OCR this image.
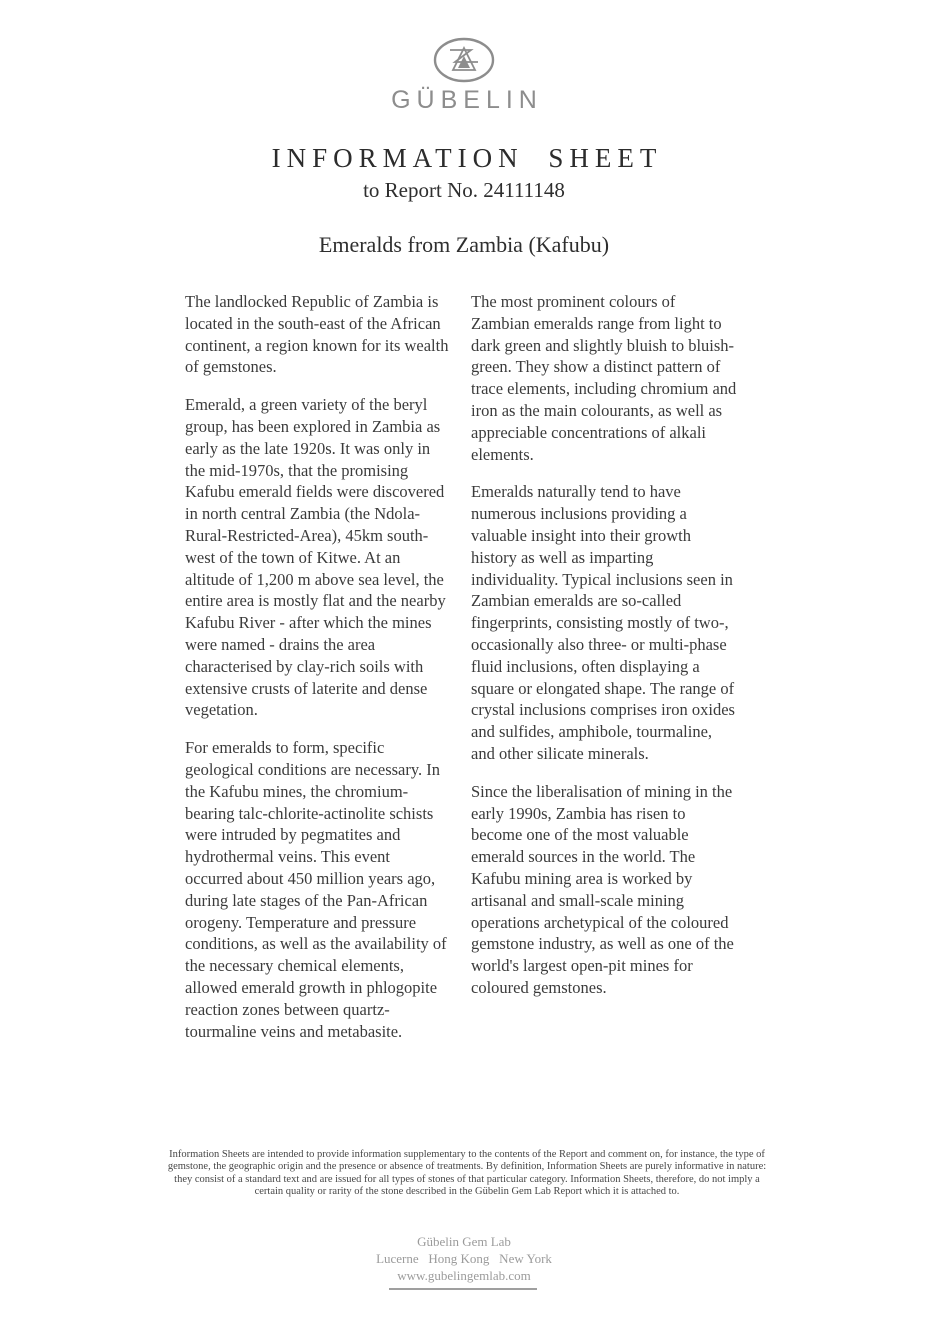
GÜBELIN
INFORMATION SHEET
to Report No. 24111148
Emeralds from Zambia (Kafubu)

The landlocked Republic of Zambia is located in the south-east of the African continent, a region known for its wealth of gemstones.

Emerald, a green variety of the beryl group, has been explored in Zambia as early as the late 1920s. It was only in the mid-1970s, that the promising Kafubu emerald fields were discovered in north central Zambia (the Ndola-Rural-Restricted-Area), 45km south-west of the town of Kitwe. At an altitude of 1,200 m above sea level, the entire area is mostly flat and the nearby Kafubu River - after which the mines were named - drains the area characterised by clay-rich soils with extensive crusts of laterite and dense vegetation.

For emeralds to form, specific geological conditions are necessary. In the Kafubu mines, the chromium-bearing talc-chlorite-actinolite schists were intruded by pegmatites and hydrothermal veins. This event occurred about 450 million years ago, during late stages of the Pan-African orogeny. Temperature and pressure conditions, as well as the availability of the necessary chemical elements, allowed emerald growth in phlogopite reaction zones between quartz-tourmaline veins and metabasite.

The most prominent colours of Zambian emeralds range from light to dark green and slightly bluish to bluish-green. They show a distinct pattern of trace elements, including chromium and iron as the main colourants, as well as appreciable concentrations of alkali elements.

Emeralds naturally tend to have numerous inclusions providing a valuable insight into their growth history as well as imparting individuality. Typical inclusions seen in Zambian emeralds are so-called fingerprints, consisting mostly of two-, occasionally also three- or multi-phase fluid inclusions, often displaying a square or elongated shape. The range of crystal inclusions comprises iron oxides and sulfides, amphibole, tourmaline, and other silicate minerals.

Since the liberalisation of mining in the early 1990s, Zambia has risen to become one of the most valuable emerald sources in the world. The Kafubu mining area is worked by artisanal and small-scale mining operations archetypical of the coloured gemstone industry, as well as one of the world's largest open-pit mines for coloured gemstones.

Information Sheets are intended to provide information supplementary to the contents of the Report and comment on, for instance, the type of gemstone, the geographic origin and the presence or absence of treatments. By definition, Information Sheets are purely informative in nature: they consist of a standard text and are issued for all types of stones of that particular category. Information Sheets, therefore, do not imply a certain quality or rarity of the stone described in the Gübelin Gem Lab Report which it is attached to.
Gübelin Gem Lab
Lucerne   Hong Kong   New York
www.gubelingemlab.com
